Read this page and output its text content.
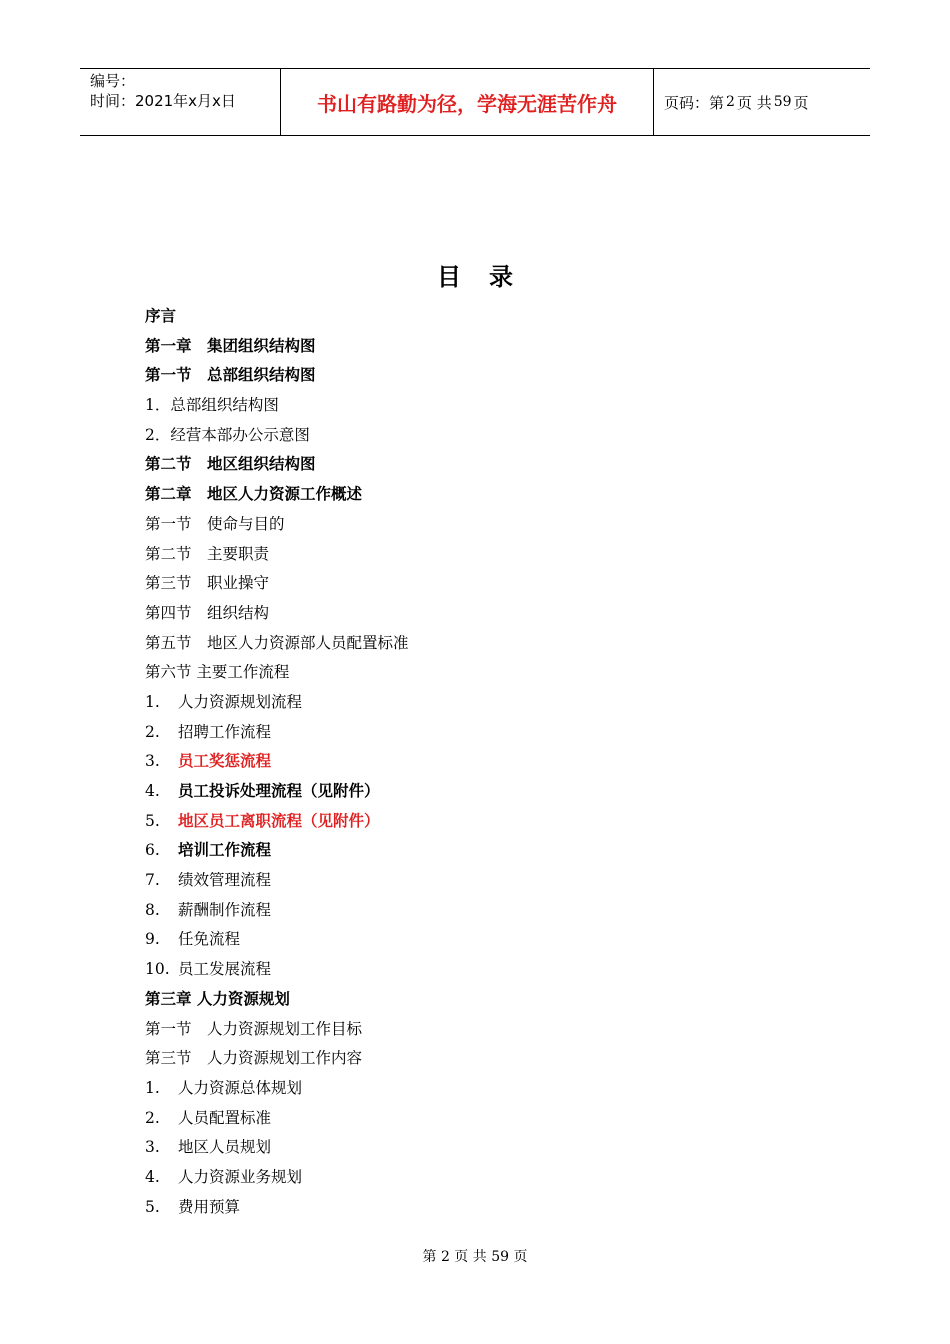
编号：
时间：2021年x月x日	书山有路勤为径，学海无涯苦作舟	页码：第 2 页 共 59 页
目 录
序言
第一章　集团组织结构图
第一节　总部组织结构图
1．总部组织结构图
2．经营本部办公示意图
第二节　地区组织结构图
第二章　地区人力资源工作概述
第一节　使命与目的
第二节　主要职责
第三节　职业操守
第四节　组织结构
第五节　地区人力资源部人员配置标准
第六节 主要工作流程
1. 人力资源规划流程
2. 招聘工作流程
3. 员工奖惩流程
4. 员工投诉处理流程（见附件）
5. 地区员工离职流程（见附件）
6. 培训工作流程
7. 绩效管理流程
8. 薪酬制作流程
9. 任免流程
10. 员工发展流程
第三章 人力资源规划
第一节　人力资源规划工作目标
第三节　人力资源规划工作内容
1. 人力资源总体规划
2. 人员配置标准
3. 地区人员规划
4. 人力资源业务规划
5. 费用预算
第 2 页 共 59 页
